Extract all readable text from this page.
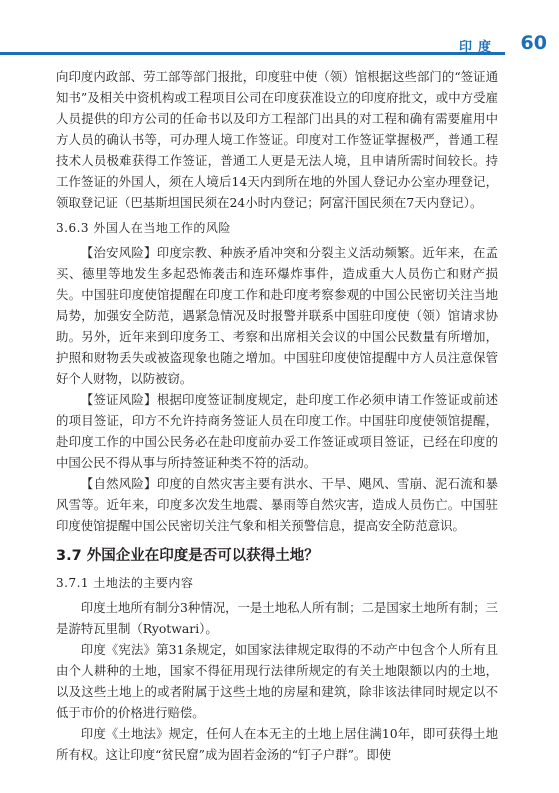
印度 60

向印度内政部、劳工部等部门报批，印度驻中使（领）馆根据这些部门的“签证通知书”及相关中资机构或工程项目公司在印度获准设立的印度府批文，或中方受雇人员提供的印方公司的任命书以及印方工程部门出具的对工程和确有需要雇用中方人员的确认书等，可办理人境工作签证。印度对工作签证掌握极严，普通工程技术人员极难获得工作签证，普通工人更是无法人境，且申请所需时间较长。持工作签证的外国人，须在人境后14天内到所在地的外国人登记办公室办理登记，领取登记证（巴基斯坦国民须在24小时内登记；阿富汗国民须在7天内登记）。

3.6.3 外国人在当地工作的风险

【治安风险】印度宗教、种族矛盾冲突和分裂主义活动频繁。近年来，在孟买、德里等地发生多起恐怖袭击和连环爆炸事件，造成重大人员伤亡和财产损失。中国驻印度使馆提醒在印度工作和赴印度考察参观的中国公民密切关注当地局势，加强安全防范，遇紧急情况及时报警并联系中国驻印度使（领）馆请求协助。另外，近年来到印度务工、考察和出席相关会议的中国公民数量有所增加，护照和财物丢失或被盗现象也随之增加。中国驻印度使馆提醒中方人员注意保管好个人财物，以防被窃。

【签证风险】根据印度签证制度规定，赴印度工作必须申请工作签证或前述的项目签证，印方不允许持商务签证人员在印度工作。中国驻印度使领馆提醒，赴印度工作的中国公民务必在赴印度前办妥工作签证或项目签证，已经在印度的中国公民不得从事与所持签证种类不符的活动。

【自然风险】印度的自然灾害主要有洪水、干旱、飓风、雪崩、泥石流和暴风雪等。近年来，印度多次发生地震、暴雨等自然灾害，造成人员伤亡。中国驻印度使馆提醒中国公民密切关注气象和相关预警信息，提高安全防范意识。

3.7 外国企业在印度是否可以获得土地？
3.7.1 土地法的主要内容

印度土地所有制分3种情况，一是土地私人所有制；二是国家土地所有制；三是游特瓦里制（Ryotwari）。

印度《宪法》第31条规定，如国家法律规定取得的不动产中包含个人所有且由个人耕种的土地，国家不得征用现行法律所规定的有关土地限额以内的土地，以及这些土地上的或者附属于这些土地的房屋和建筑，除非该法律同时规定以不低于市价的价格进行赔偿。

印度《土地法》规定，任何人在本无主的土地上居住满10年，即可获得土地所有权。这让印度“贫民窟”成为固若金汤的“钉子户群”。即使
